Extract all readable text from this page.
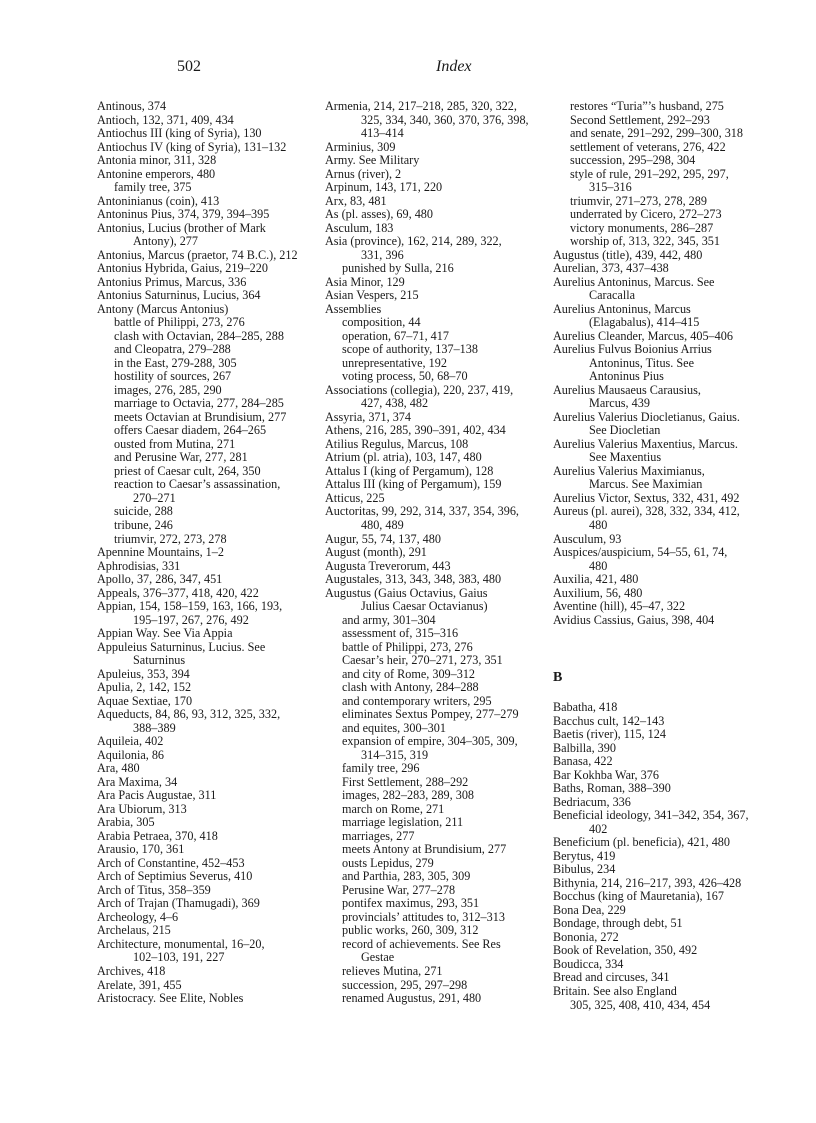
502	Index
Antinous, 374
Antioch, 132, 371, 409, 434
Antiochus III (king of Syria), 130
Antiochus IV (king of Syria), 131–132
Antonia minor, 311, 328
Antonine emperors, 480
family tree, 375
Antoninianus (coin), 413
Antoninus Pius, 374, 379, 394–395
Antonius, Lucius (brother of Mark
Antony), 277
Antonius, Marcus (praetor, 74 B.C.), 212
Antonius Hybrida, Gaius, 219–220
Antonius Primus, Marcus, 336
Antonius Saturninus, Lucius, 364
Antony (Marcus Antonius)
battle of Philippi, 273, 276
clash with Octavian, 284–285, 288
and Cleopatra, 279–288
in the East, 279-288, 305
hostility of sources, 267
images, 276, 285, 290
marriage to Octavia, 277, 284–285
meets Octavian at Brundisium, 277
offers Caesar diadem, 264–265
ousted from Mutina, 271
and Perusine War, 277, 281
priest of Caesar cult, 264, 350
reaction to Caesar’s assassination,
270–271
suicide, 288
tribune, 246
triumvir, 272, 273, 278
Apennine Mountains, 1–2
Aphrodisias, 331
Apollo, 37, 286, 347, 451
Appeals, 376–377, 418, 420, 422
Appian, 154, 158–159, 163, 166, 193,
195–197, 267, 276, 492
Appian Way. See Via Appia
Appuleius Saturninus, Lucius. See
Saturninus
Apuleius, 353, 394
Apulia, 2, 142, 152
Aquae Sextiae, 170
Aqueducts, 84, 86, 93, 312, 325, 332,
388–389
Aquileia, 402
Aquilonia, 86
Ara, 480
Ara Maxima, 34
Ara Pacis Augustae, 311
Ara Ubiorum, 313
Arabia, 305
Arabia Petraea, 370, 418
Arausio, 170, 361
Arch of Constantine, 452–453
Arch of Septimius Severus, 410
Arch of Titus, 358–359
Arch of Trajan (Thamugadi), 369
Archeology, 4–6
Archelaus, 215
Architecture, monumental, 16–20,
102–103, 191, 227
Archives, 418
Arelate, 391, 455
Aristocracy. See Elite, Nobles
Armenia, 214, 217–218, 285, 320, 322,
325, 334, 340, 360, 370, 376, 398,
413–414
Arminius, 309
Army. See Military
Arnus (river), 2
Arpinum, 143, 171, 220
Arx, 83, 481
As (pl. asses), 69, 480
Asculum, 183
Asia (province), 162, 214, 289, 322,
331, 396
punished by Sulla, 216
Asia Minor, 129
Asian Vespers, 215
Assemblies
composition, 44
operation, 67–71, 417
scope of authority, 137–138
unrepresentative, 192
voting process, 50, 68–70
Associations (collegia), 220, 237, 419,
427, 438, 482
Assyria, 371, 374
Athens, 216, 285, 390–391, 402, 434
Atilius Regulus, Marcus, 108
Atrium (pl. atria), 103, 147, 480
Attalus I (king of Pergamum), 128
Attalus III (king of Pergamum), 159
Atticus, 225
Auctoritas, 99, 292, 314, 337, 354, 396,
480, 489
Augur, 55, 74, 137, 480
August (month), 291
Augusta Treverorum, 443
Augustales, 313, 343, 348, 383, 480
Augustus (Gaius Octavius, Gaius
Julius Caesar Octavianus)
and army, 301–304
assessment of, 315–316
battle of Philippi, 273, 276
Caesar’s heir, 270–271, 273, 351
and city of Rome, 309–312
clash with Antony, 284–288
and contemporary writers, 295
eliminates Sextus Pompey, 277–279
and equites, 300–301
expansion of empire, 304–305, 309,
314–315, 319
family tree, 296
First Settlement, 288–292
images, 282–283, 289, 308
march on Rome, 271
marriage legislation, 211
marriages, 277
meets Antony at Brundisium, 277
ousts Lepidus, 279
and Parthia, 283, 305, 309
Perusine War, 277–278
pontifex maximus, 293, 351
provincials’ attitudes to, 312–313
public works, 260, 309, 312
record of achievements. See Res
Gestae
relieves Mutina, 271
succession, 295, 297–298
renamed Augustus, 291, 480
restores “Turia”’s husband, 275
Second Settlement, 292–293
and senate, 291–292, 299–300, 318
settlement of veterans, 276, 422
succession, 295–298, 304
style of rule, 291–292, 295, 297,
315–316
triumvir, 271–273, 278, 289
underrated by Cicero, 272–273
victory monuments, 286–287
worship of, 313, 322, 345, 351
Augustus (title), 439, 442, 480
Aurelian, 373, 437–438
Aurelius Antoninus, Marcus. See
Caracalla
Aurelius Antoninus, Marcus
(Elagabalus), 414–415
Aurelius Cleander, Marcus, 405–406
Aurelius Fulvus Boionius Arrius
Antoninus, Titus. See
Antoninus Pius
Aurelius Mausaeus Carausius,
Marcus, 439
Aurelius Valerius Diocletianus, Gaius.
See Diocletian
Aurelius Valerius Maxentius, Marcus.
See Maxentius
Aurelius Valerius Maximianus,
Marcus. See Maximian
Aurelius Victor, Sextus, 332, 431, 492
Aureus (pl. aurei), 328, 332, 334, 412,
480
Ausculum, 93
Auspices/auspicium, 54–55, 61, 74,
480
Auxilia, 421, 480
Auxilium, 56, 480
Aventine (hill), 45–47, 322
Avidius Cassius, Gaius, 398, 404

B

Babatha, 418
Bacchus cult, 142–143
Baetis (river), 115, 124
Balbilla, 390
Banasa, 422
Bar Kokhba War, 376
Baths, Roman, 388–390
Bedriacum, 336
Beneficial ideology, 341–342, 354, 367,
402
Beneficium (pl. beneficia), 421, 480
Berytus, 419
Bibulus, 234
Bithynia, 214, 216–217, 393, 426–428
Bocchus (king of Mauretania), 167
Bona Dea, 229
Bondage, through debt, 51
Bononia, 272
Book of Revelation, 350, 492
Boudicca, 334
Bread and circuses, 341
Britain. See also England
305, 325, 408, 410, 434, 454
